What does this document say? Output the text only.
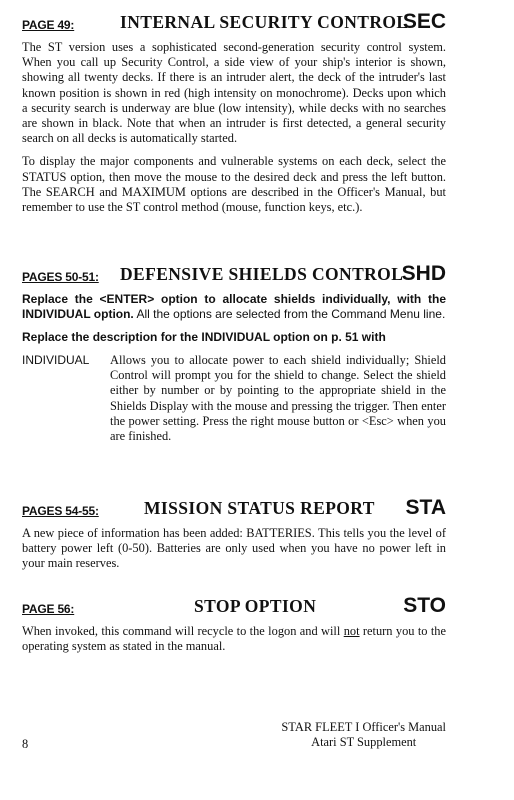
PAGE 49:	INTERNAL SECURITY CONTROL
SEC

The ST version uses a sophisticated second-generation security control system. When you call up Security Control, a side view of your ship's interior is shown, showing all twenty decks. If there is an intruder alert, the deck of the intruder's last known position is shown in red (high intensity on monochrome). Decks upon which a security search is underway are blue (low intensity), while decks with no searches are shown in black. Note that when an intruder is first detected, a general security search on all decks is automatically started.

To display the major components and vulnerable systems on each deck, select the STATUS option, then move the mouse to the desired deck and press the left button. The SEARCH and MAXIMUM options are described in the Officer's Manual, but remember to use the ST control method (mouse, function keys, etc.).

PAGES 50-51: DEFENSIVE SHIELDS CONTROL
SHD

Replace the <ENTER> option to allocate shields individually, with the INDIVIDUAL option. All the options are selected from the Command Menu line.

Replace the description for the INDIVIDUAL option on p. 51 with

INDIVIDUAL	Allows you to allocate power to each shield individually; Shield Control will prompt you for the shield to change. Select the shield either by number or by pointing to the appropriate shield in the Shields Display with the mouse and pressing the trigger. Then enter the power setting. Press the right mouse button or <Esc> when you are finished.
PAGES 54-55:	MISSION STATUS REPORT STA

A new piece of information has been added: BATTERIES. This tells you the level of battery power left (0-50). Batteries are only used when you have no power left in your main reserves.

PAGE 56:	STOP OPTION	STO

When invoked, this command will recycle to the logon and will not return you to the operating system as stated in the manual.

8
STAR FLEET I Officer's Manual
Atari ST Supplement
